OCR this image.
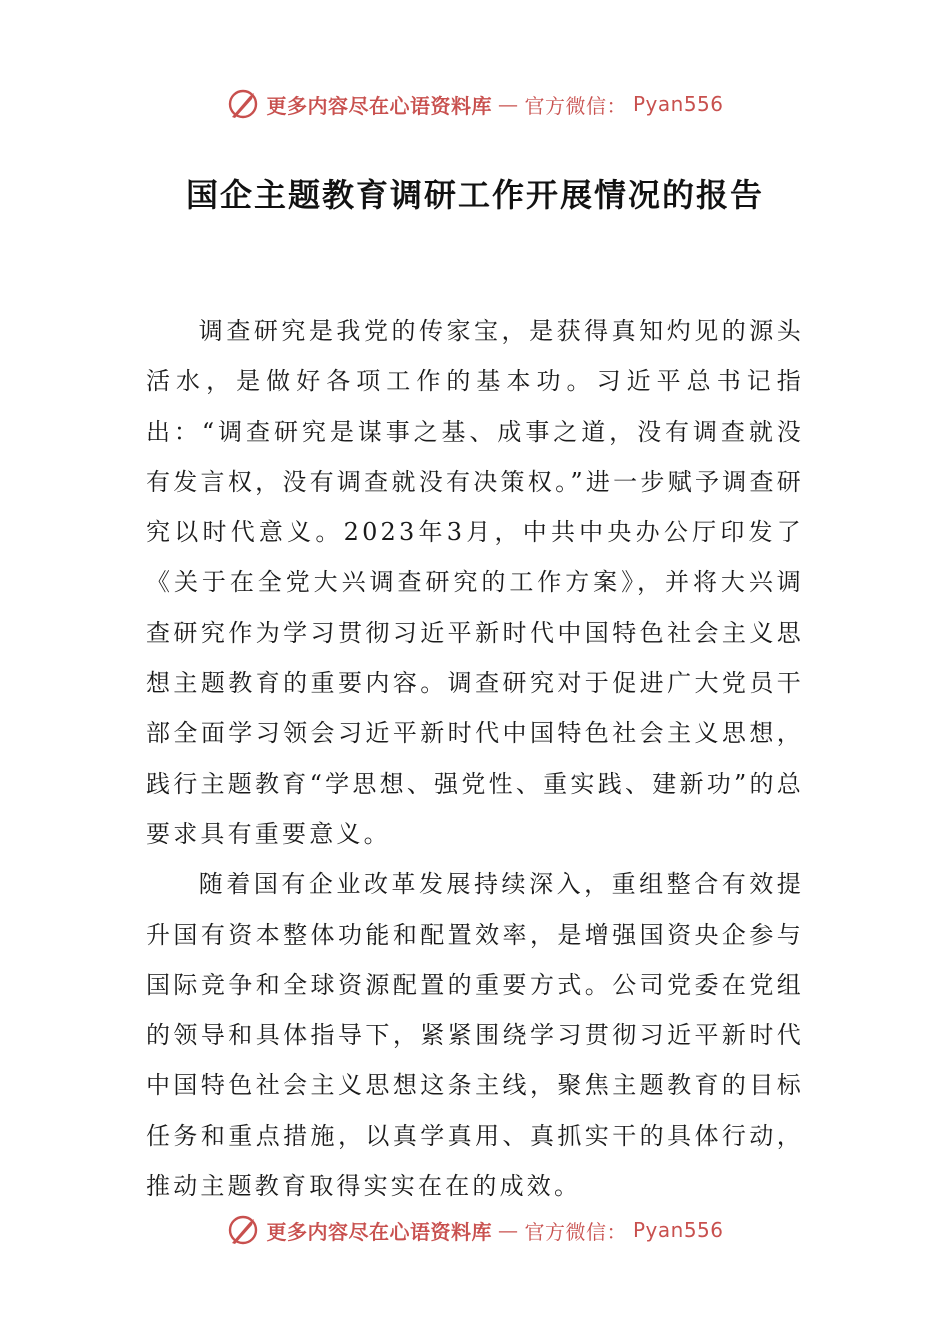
更多内容尽在心语资料库 — 官方微信： Pyan556
国企主题教育调研工作开展情况的报告

调查研究是我党的传家宝，是获得真知灼见的源头活水，是做好各项工作的基本功。习近平总书记指出：“调查研究是谋事之基、成事之道，没有调查就没有发言权，没有调查就没有决策权。”进一步赋予调查研究以时代意义。2023年3月，中共中央办公厅印发了《关于在全党大兴调查研究的工作方案》，并将大兴调查研究作为学习贯彻习近平新时代中国特色社会主义思想主题教育的重要内容。调查研究对于促进广大党员干部全面学习领会习近平新时代中国特色社会主义思想，践行主题教育“学思想、强党性、重实践、建新功”的总要求具有重要意义。

随着国有企业改革发展持续深入，重组整合有效提升国有资本整体功能和配置效率，是增强国资央企参与国际竞争和全球资源配置的重要方式。公司党委在党组的领导和具体指导下，紧紧围绕学习贯彻习近平新时代中国特色社会主义思想这条主线，聚焦主题教育的目标任务和重点措施，以真学真用、真抓实干的具体行动，推动主题教育取得实实在在的成效。

更多内容尽在心语资料库 — 官方微信： Pyan556
